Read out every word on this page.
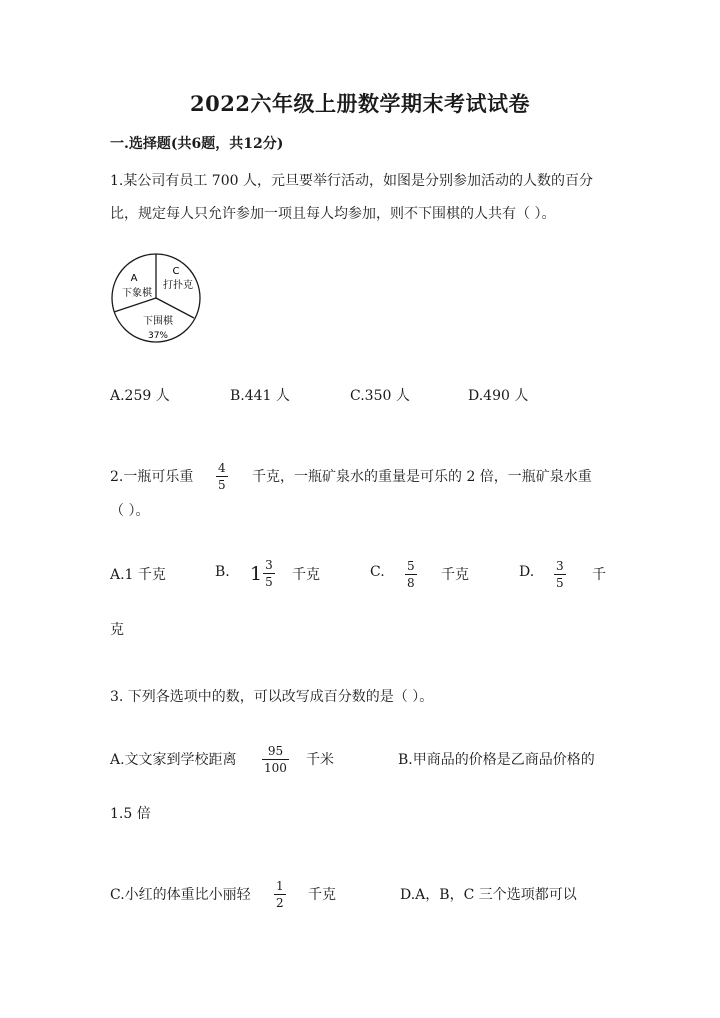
2022六年级上册数学期末考试试卷
一.选择题(共6题，共12分)
1.某公司有员工 700 人，元旦要举行活动，如图是分别参加活动的人数的百分
比，规定每人只允许参加一项且每人均参加，则不下围棋的人共有（ ）。
A
下象棋
C
打扑克
下围棋
37%
A.259 人	B.441 人	C.350 人	D.490 人
2.一瓶可乐重
4
5 千克，一瓶矿泉水的重量是可乐的 2 倍，一瓶矿泉水重
（ ）。
A.1 千克	B. $1 \frac{3}{5}$ 千克	C. 5
8 千克	D. 3
5 千
克
3. 下列各选项中的数，可以改写成百分数的是（ ）。
A.文文家到学校距离
95
100 千米	B.甲商品的价格是乙商品价格的
1.5 倍
C.小红的体重比小丽轻
1
2 千克	D.A，B，C 三个选项都可以
